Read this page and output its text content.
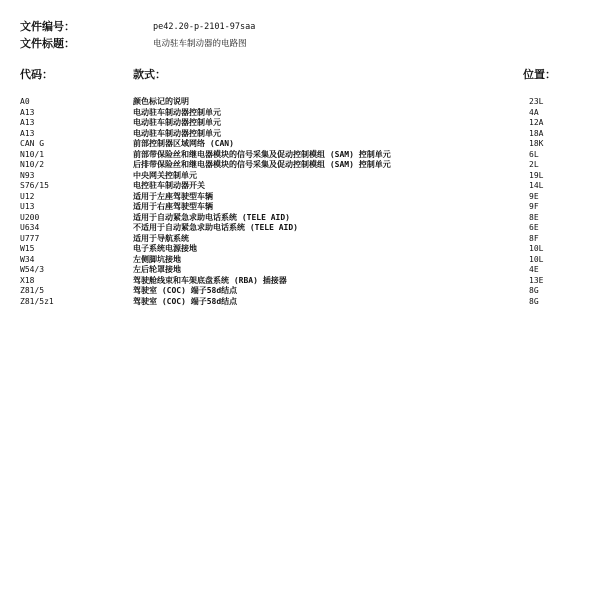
文件编号：	pe42.20-p-2101-97saa
文件标题：	电动驻车制动器的电路图
代码：	款式：	位置：
A0	颜色标记的说明	23L
A13	电动驻车制动器控制单元	4A
A13	电动驻车制动器控制单元	12A
A13	电动驻车制动器控制单元	18A
CAN G	前部控制器区域网络 (CAN)	18K
N10/1	前部带保险丝和继电器模块的信号采集及促动控制模组 (SAM) 控制单元	6L
N10/2	后排带保险丝和继电器模块的信号采集及促动控制模组 (SAM) 控制单元	2L
N93	中央网关控制单元	19L
S76/15	电控驻车制动器开关	14L
U12	适用于左座驾驶型车辆	9E
U13	适用于右座驾驶型车辆	9F
U200	适用于自动紧急求助电话系统 (TELE AID)	8E
U634	不适用于自动紧急求助电话系统 (TELE AID)	6E
U777	适用于导航系统	8F
W15	电子系统电源接地	10L
W34	左侧脚坑接地	10L
W54/3	左后轮罩接地	4E
X18	驾驶舱线束和车架底盘系统 (RBA) 插接器	13E
Z81/5	驾驶室 (COC) 端子58d结点	8G
Z81/5z1	驾驶室 (COC) 端子58d结点	8G
